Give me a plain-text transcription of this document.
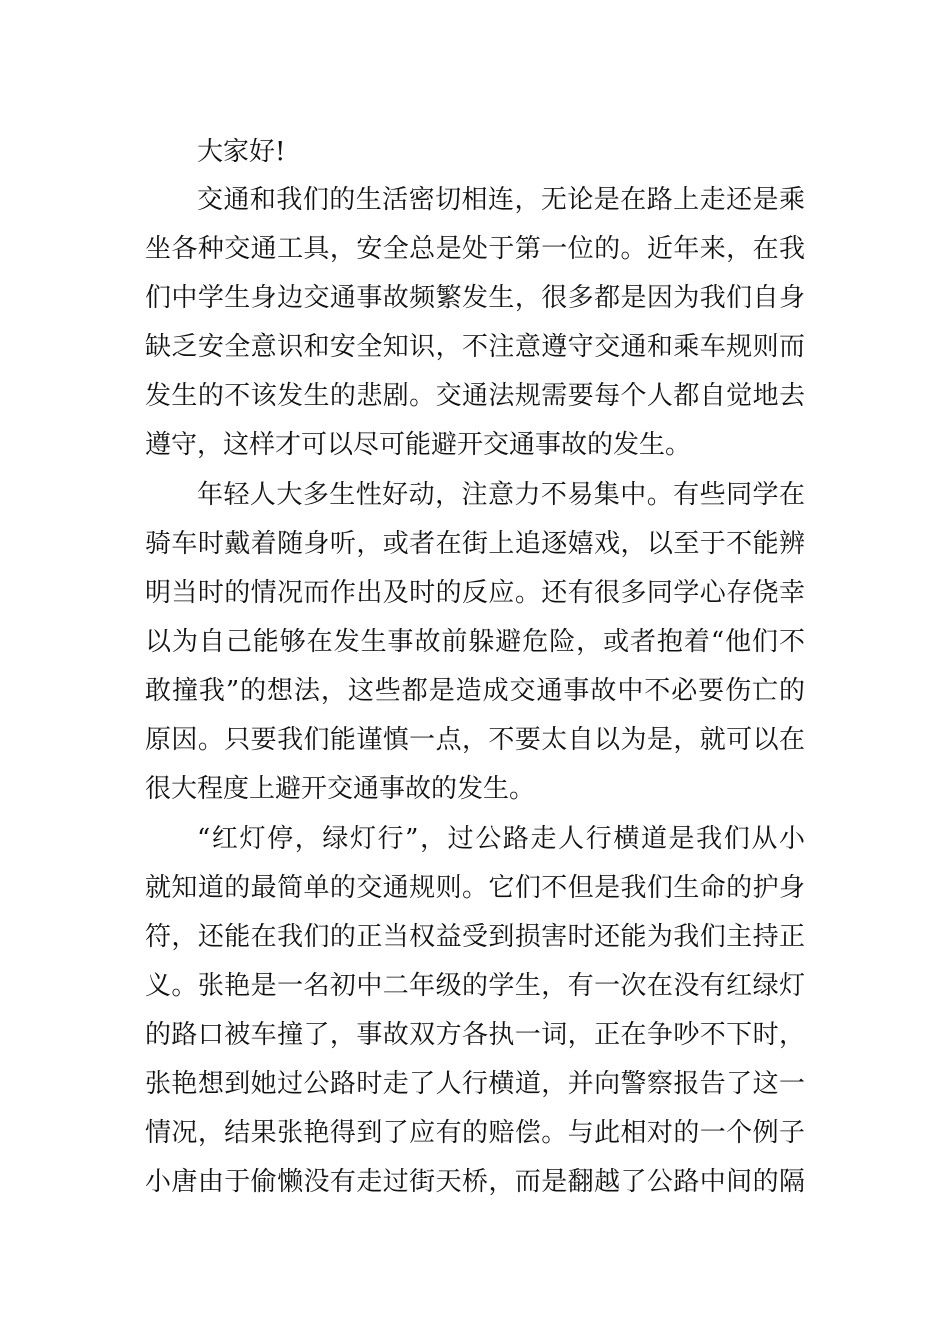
大家好!
交通和我们的生活密切相连，无论是在路上走还是乘
坐各种交通工具，安全总是处于第一位的。近年来，在我
们中学生身边交通事故频繁发生，很多都是因为我们自身
缺乏安全意识和安全知识，不注意遵守交通和乘车规则而
发生的不该发生的悲剧。交通法规需要每个人都自觉地去
遵守，这样才可以尽可能避开交通事故的发生。
年轻人大多生性好动，注意力不易集中。有些同学在
骑车时戴着随身听，或者在街上追逐嬉戏，以至于不能辨
明当时的情况而作出及时的反应。还有很多同学心存侥幸
以为自己能够在发生事故前躲避危险，或者抱着“他们不
敢撞我”的想法，这些都是造成交通事故中不必要伤亡的
原因。只要我们能谨慎一点，不要太自以为是，就可以在
很大程度上避开交通事故的发生。
“红灯停，绿灯行”，过公路走人行横道是我们从小
就知道的最简单的交通规则。它们不但是我们生命的护身
符，还能在我们的正当权益受到损害时还能为我们主持正
义。张艳是一名初中二年级的学生，有一次在没有红绿灯
的路口被车撞了，事故双方各执一词，正在争吵不下时，
张艳想到她过公路时走了人行横道，并向警察报告了这一
情况，结果张艳得到了应有的赔偿。与此相对的一个例子
小唐由于偷懒没有走过街天桥，而是翻越了公路中间的隔
